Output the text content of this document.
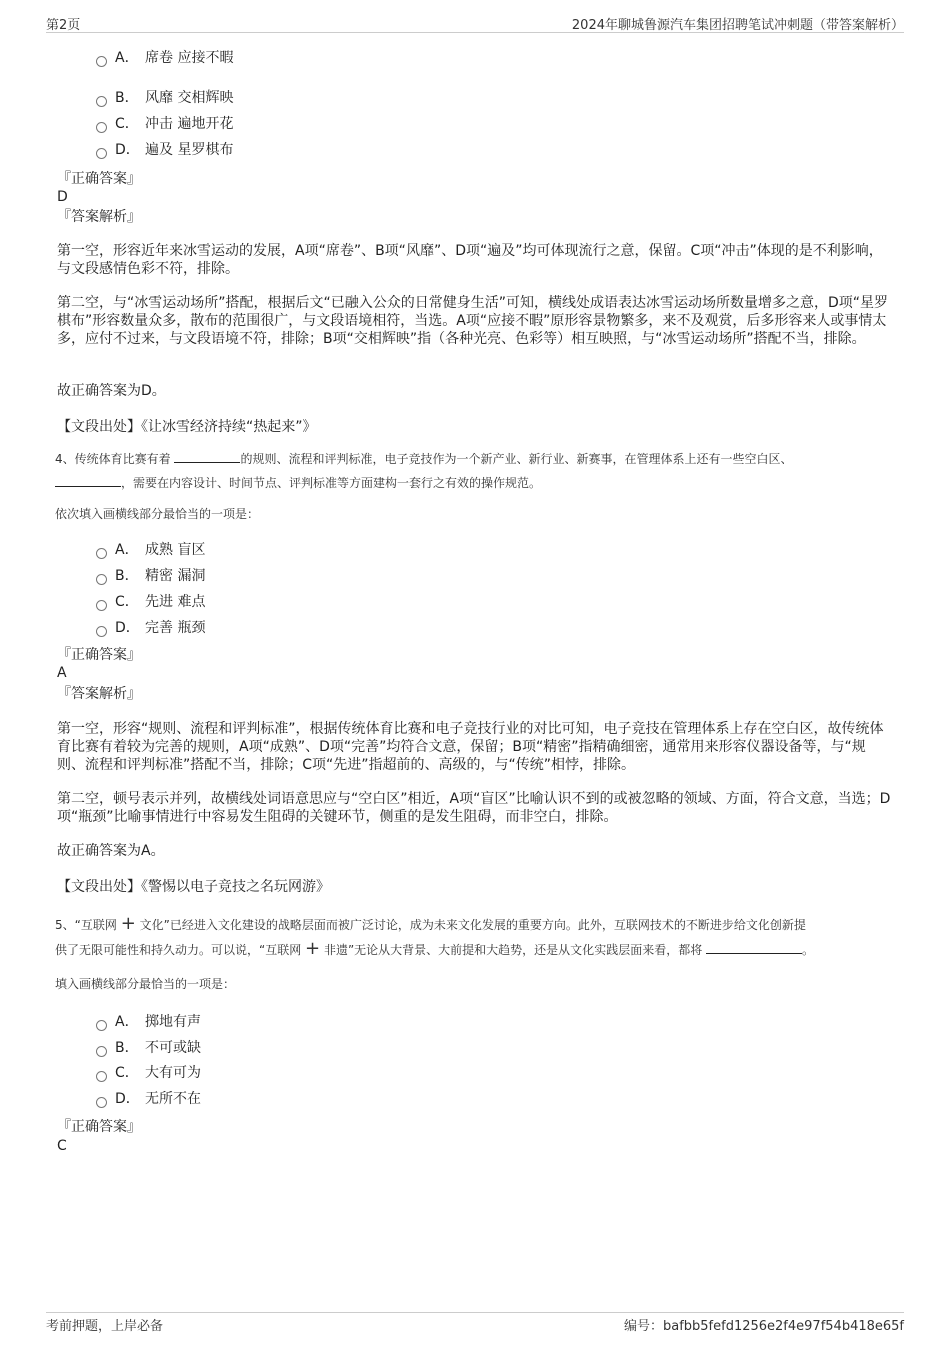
第2页	2024年聊城鲁源汽车集团招聘笔试冲刺题（带答案解析）
A． 席卷 应接不暇
B． 风靡 交相辉映
C． 冲击 遍地开花
D． 遍及 星罗棋布
『正确答案』
D
『答案解析』
第一空，形容近年来冰雪运动的发展，A项“席卷”、B项“风靡”、D项“遍及”均可体现流行之意，保留。C项“冲击”体现的是不利影响，与文段感情色彩不符，排除。
第二空，与“冰雪运动场所”搭配，根据后文“已融入公众的日常健身生活”可知，横线处成语表达冰雪运动场所数量增多之意，D项“星罗棋布”形容数量众多，散布的范围很广，与文段语境相符，当选。A项“应接不暇”原形容景物繁多，来不及观赏，后多形容来人或事情太多，应付不过来，与文段语境不符，排除；B项“交相辉映”指（各种光亮、色彩等）相互映照，与“冰雪运动场所”搭配不当，排除。
故正确答案为D。
【文段出处】《让冰雪经济持续“热起来”》
4、传统体育比赛有着	的规则、流程和评判标准，电子竞技作为一个新产业、新行业、新赛事，在管理体系上还有一些空白区、
，需要在内容设计、时间节点、评判标准等方面建构一套行之有效的操作规范。
依次填入画横线部分最恰当的一项是：
A． 成熟 盲区
B． 精密 漏洞
C． 先进 难点
D． 完善 瓶颈
『正确答案』
A
『答案解析』
第一空，形容“规则、流程和评判标准”，根据传统体育比赛和电子竞技行业的对比可知，电子竞技在管理体系上存在空白区，故传统体育比赛有着较为完善的规则，A项“成熟”、D项“完善”均符合文意，保留；B项“精密”指精确细密，通常用来形容仪器设备等，与“规则、流程和评判标准”搭配不当，排除；C项“先进”指超前的、高级的，与“传统”相悖，排除。
第二空，顿号表示并列，故横线处词语意思应与“空白区”相近，A项“盲区”比喻认识不到的或被忽略的领域、方面，符合文意，当选；D项“瓶颈”比喻事情进行中容易发生阻碍的关键环节，侧重的是发生阻碍，而非空白，排除。
故正确答案为A。
【文段出处】《警惕以电子竞技之名玩网游》
5、“互联网 + 文化”已经进入文化建设的战略层面而被广泛讨论，成为未来文化发展的重要方向。此外，互联网技术的不断进步给文化创新提
供了无限可能性和持久动力。可以说，“互联网 + 非遗”无论从大背景、大前提和大趋势，还是从文化实践层面来看，都将	。
填入画横线部分最恰当的一项是：
A． 掷地有声
B． 不可或缺
C． 大有可为
D． 无所不在
『正确答案』
C
考前押题，上岸必备	编号：bafbb5fefd1256e2f4e97f54b418e65f
